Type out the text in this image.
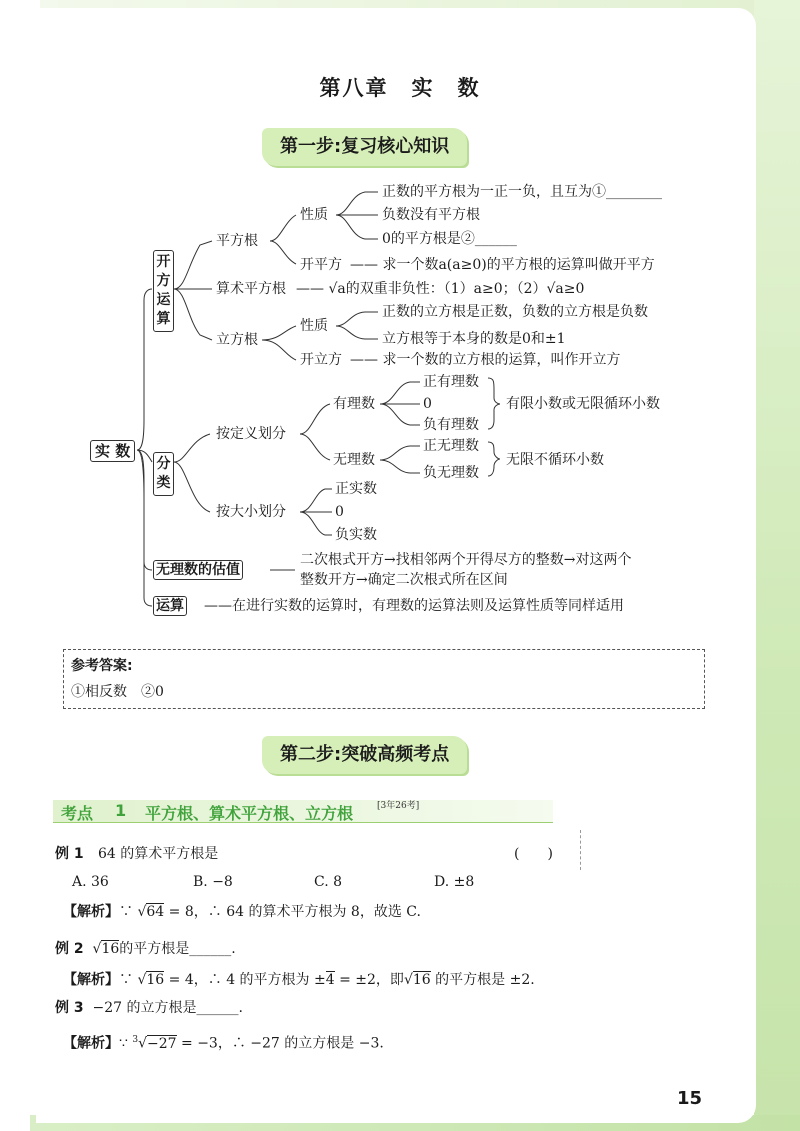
第八章　实　数
第一步:复习核心知识
实 数
开
方
运
算
分
类
平方根
性质
正数的平方根为一正一负，且互为①________
负数没有平方根
0的平方根是②______
开平方 —— 求一个数a(a≥0)的平方根的运算叫做开平方
算术平方根 —— √a的双重非负性：（1）a≥0；（2）√a≥0
立方根
性质
正数的立方根是正数，负数的立方根是负数
立方根等于本身的数是0和±1
开立方 —— 求一个数的立方根的运算，叫作开立方
按定义划分
有理数
正有理数
0
负有理数
有限小数或无限循环小数
无理数
正无理数
负无理数
无限不循环小数
按大小划分
正实数
0
负实数
无理数的估值
二次根式开方→找相邻两个开得尽方的整数→对这两个
整数开方→确定二次根式所在区间
运算 ——在进行实数的运算时，有理数的运算法则及运算性质等同样适用
参考答案:
①相反数　②0
第二步:突破高频考点
考点 1 平方根、算术平方根、立方根	[3年26考]
例 1 64 的算术平方根是	(　　)
A. 36	B. −8	C. 8	D. ±8
【解析】∵ √64 = 8，∴ 64 的算术平方根为 8，故选 C.
例 2  √16的平方根是______.
【解析】∵ √16 = 4，∴ 4 的平方根为 ±4 = ±2，即√16 的平方根是 ±2.
例 3 −27 的立方根是______.
【解析】∵ $^3$√−27 = −3，∴ −27 的立方根是 −3.
15
